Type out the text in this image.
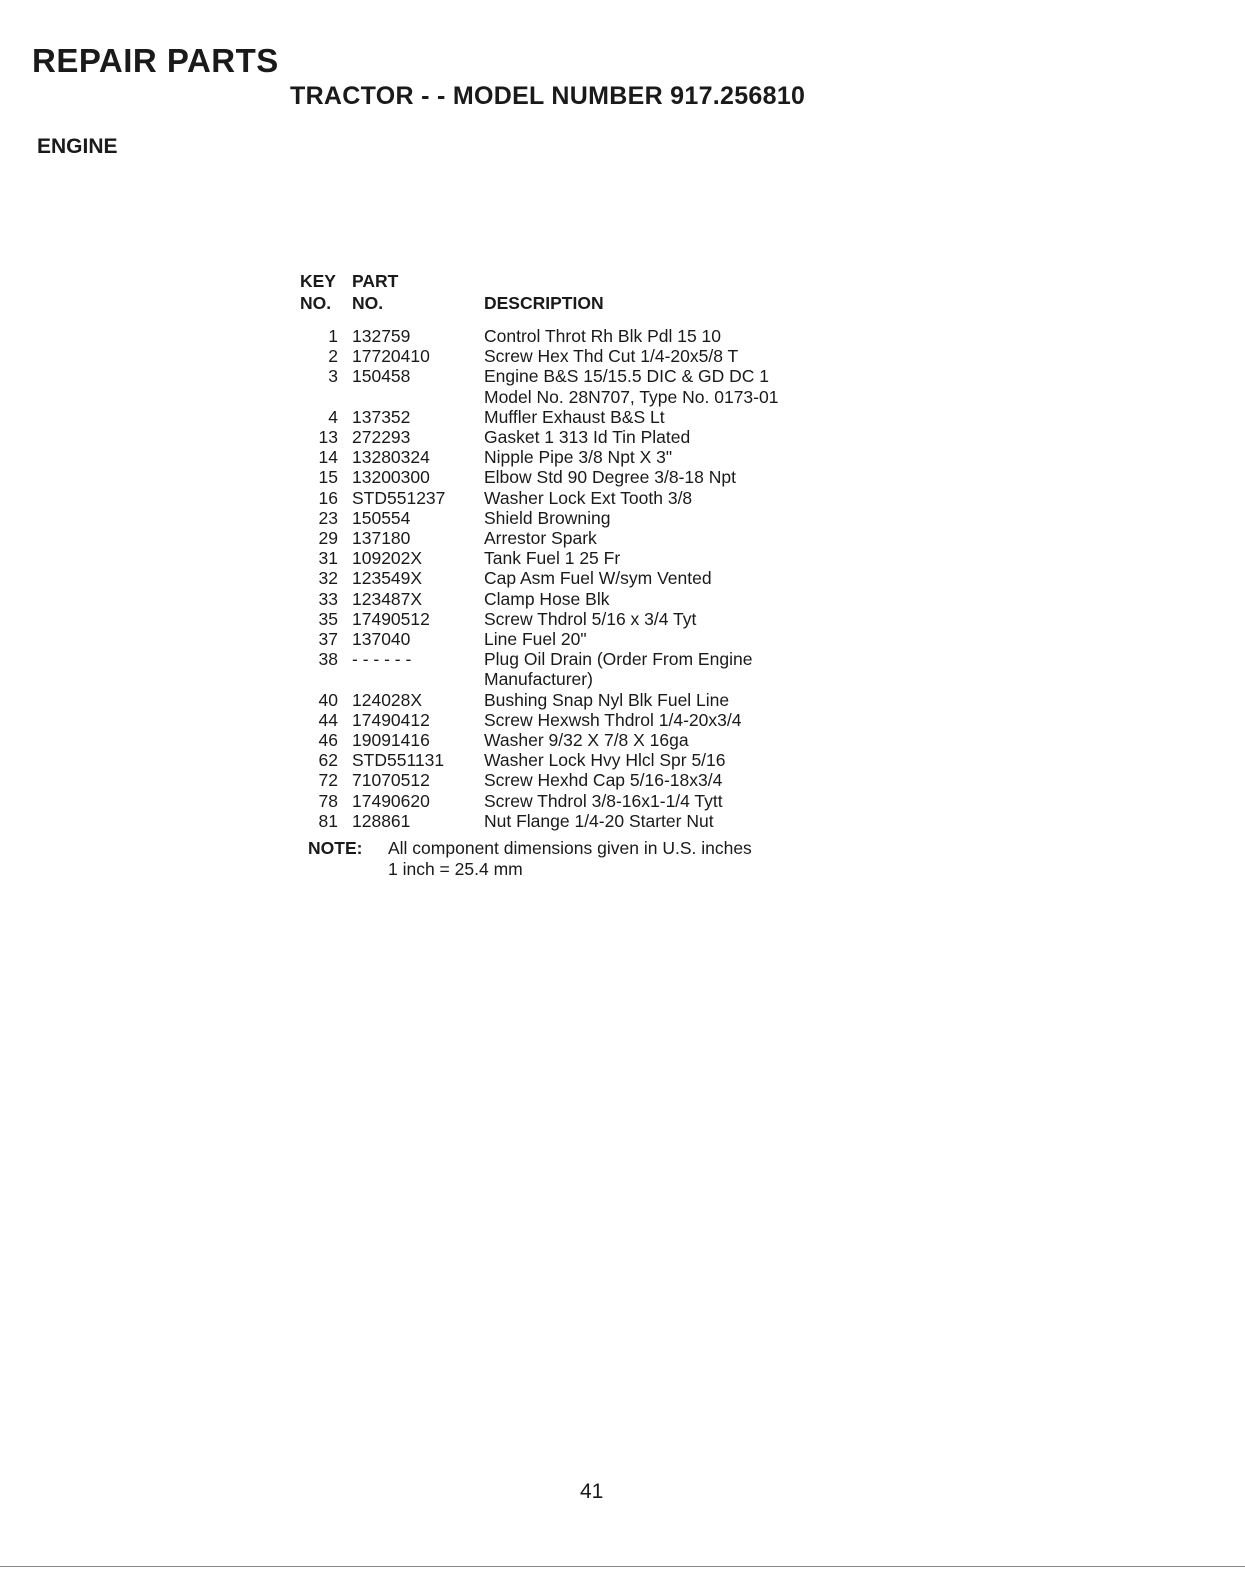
REPAIR PARTS
TRACTOR - - MODEL NUMBER 917.256810
ENGINE
KEY	PART	
NO.	NO.	DESCRIPTION
1	132759	Control Throt Rh Blk Pdl 15 10
2	17720410	Screw Hex Thd Cut 1/4-20x5/8 T
3	150458	Engine B&S 15/15.5 DIC & GD DC 1
Model No. 28N707, Type No. 0173-01
4	137352	Muffler Exhaust B&S Lt
13	272293	Gasket 1 313 Id Tin Plated
14	13280324	Nipple Pipe 3/8 Npt X 3"
15	13200300	Elbow Std 90 Degree 3/8-18 Npt
16	STD551237	Washer Lock Ext Tooth 3/8
23	150554	Shield Browning
29	137180	Arrestor Spark
31	109202X	Tank Fuel 1 25 Fr
32	123549X	Cap Asm Fuel W/sym Vented
33	123487X	Clamp Hose Blk
35	17490512	Screw Thdrol 5/16 x 3/4 Tyt
37	137040	Line Fuel 20"
38	- - - - - -	Plug Oil Drain (Order From Engine
Manufacturer)
40	124028X	Bushing Snap Nyl Blk Fuel Line
44	17490412	Screw Hexwsh Thdrol 1/4-20x3/4
46	19091416	Washer 9/32 X 7/8 X 16ga
62	STD551131	Washer Lock Hvy Hlcl Spr 5/16
72	71070512	Screw Hexhd Cap 5/16-18x3/4
78	17490620	Screw Thdrol 3/8-16x1-1/4 Tytt
81	128861	Nut Flange 1/4-20 Starter Nut
NOTE: All component dimensions given in U.S. inches
1 inch = 25.4 mm

41
